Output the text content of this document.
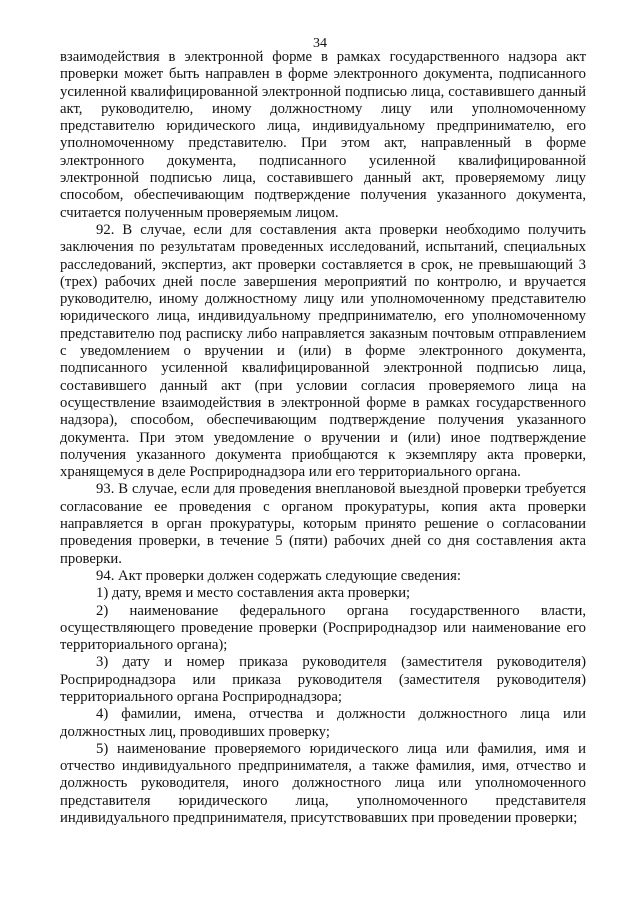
34

взаимодействия в электронной форме в рамках государственного надзора акт проверки может быть направлен в форме электронного документа, подписанного усиленной квалифицированной электронной подписью лица, составившего данный акт, руководителю, иному должностному лицу или уполномоченному представителю юридического лица, индивидуальному предпринимателю, его уполномоченному представителю. При этом акт, направленный в форме электронного документа, подписанного усиленной квалифицированной электронной подписью лица, составившего данный акт, проверяемому лицу способом, обеспечивающим подтверждение получения указанного документа, считается полученным проверяемым лицом.

92. В случае, если для составления акта проверки необходимо получить заключения по результатам проведенных исследований, испытаний, специальных расследований, экспертиз, акт проверки составляется в срок, не превышающий 3 (трех) рабочих дней после завершения мероприятий по контролю, и вручается руководителю, иному должностному лицу или уполномоченному представителю юридического лица, индивидуальному предпринимателю, его уполномоченному представителю под расписку либо направляется заказным почтовым отправлением с уведомлением о вручении и (или) в форме электронного документа, подписанного усиленной квалифицированной электронной подписью лица, составившего данный акт (при условии согласия проверяемого лица на осуществление взаимодействия в электронной форме в рамках государственного надзора), способом, обеспечивающим подтверждение получения указанного документа. При этом уведомление о вручении и (или) иное подтверждение получения указанного документа приобщаются к экземпляру акта проверки, хранящемуся в деле Росприроднадзора или его территориального органа.

93. В случае, если для проведения внеплановой выездной проверки требуется согласование ее проведения с органом прокуратуры, копия акта проверки направляется в орган прокуратуры, которым принято решение о согласовании проведения проверки, в течение 5 (пяти) рабочих дней со дня составления акта проверки.

94. Акт проверки должен содержать следующие сведения:

1) дату, время и место составления акта проверки;

2) наименование федерального органа государственного власти, осуществляющего проведение проверки (Росприроднадзор или наименование его территориального органа);

3) дату и номер приказа руководителя (заместителя руководителя) Росприроднадзора или приказа руководителя (заместителя руководителя) территориального органа Росприроднадзора;

4) фамилии, имена, отчества и должности должностного лица или должностных лиц, проводивших проверку;

5) наименование проверяемого юридического лица или фамилия, имя и отчество индивидуального предпринимателя, а также фамилия, имя, отчество и должность руководителя, иного должностного лица или уполномоченного представителя юридического лица, уполномоченного представителя индивидуального предпринимателя, присутствовавших при проведении проверки;
